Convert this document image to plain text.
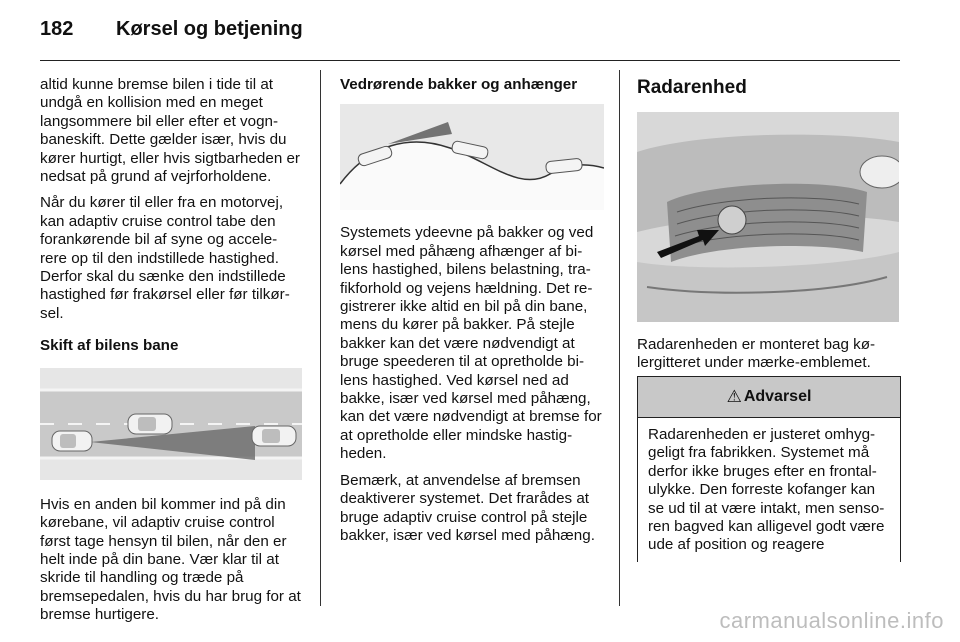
182 Kørsel og betjening

altid kunne bremse bilen i tide til at undgå en kollision med en meget langsommere bil eller efter et vogn-baneskift. Dette gælder især, hvis du kører hurtigt, eller hvis sigtbarheden er nedsat på grund af vejrforholdene.

Når du kører til eller fra en motorvej, kan adaptiv cruise control tabe den forankørende bil af syne og accele-rere op til den indstillede hastighed. Derfor skal du sænke den indstillede hastighed før frakørsel eller før tilkør-sel.

Skift af bilens bane

Hvis en anden bil kommer ind på din kørebane, vil adaptiv cruise control først tage hensyn til bilen, når den er helt inde på din bane. Vær klar til at skride til handling og træde på bremsepedalen, hvis du har brug for at bremse hurtigere.

Vedrørende bakker og anhænger

Systemets ydeevne på bakker og ved kørsel med påhæng afhænger af bi-lens hastighed, bilens belastning, tra-fikforhold og vejens hældning. Det re-gistrerer ikke altid en bil på din bane, mens du kører på bakker. På stejle bakker kan det være nødvendigt at bruge speederen til at opretholde bi-lens hastighed. Ved kørsel ned ad bakke, især ved kørsel med påhæng, kan det være nødvendigt at bremse for at opretholde eller mindske hastig-heden.

Bemærk, at anvendelse af bremsen deaktiverer systemet. Det frarådes at bruge adaptiv cruise control på stejle bakker, især ved kørsel med påhæng.

Radarenhed

Radarenheden er monteret bag kø-lergitteret under mærke-emblemet.

⚠ Advarsel
Radarenheden er justeret omhyg-geligt fra fabrikken. Systemet må derfor ikke bruges efter en frontal-ulykke. Den forreste kofanger kan se ud til at være intakt, men senso-ren bagved kan alligevel godt være ude af position og reagere
carmanualsonline.info
